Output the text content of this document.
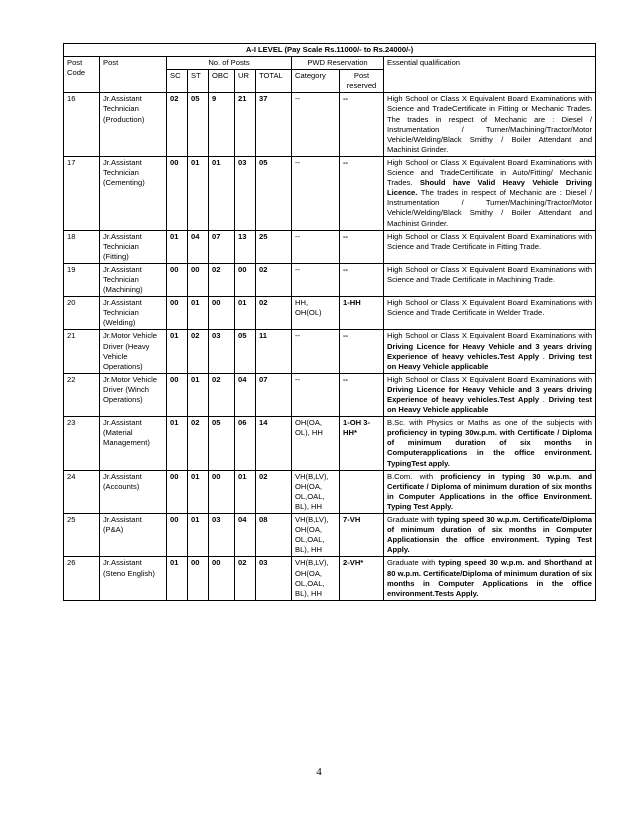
A-I LEVEL (Pay Scale Rs.11000/- to Rs.24000/-)									
Post Code	Post	No. of Posts					PWD Reservation		Essential qualification
		SC	ST	OBC	UR	TOTAL	Category	Post reserved	
16	Jr.Assistant Technician (Production)	02	05	9	21	37	--	--	High School or Class X Equivalent Board Examinations with Science and TradeCertificate in Fitting or Mechanic Trades. The trades in respect of Mechanic are : Diesel / Instrumentation / Turner/Machining/Tractor/Motor Vehicle/Welding/Black Smithy / Boiler Attendant and Machinist Grinder.
17	Jr.Assistant Technician (Cementing)	00	01	01	03	05	--	--	High School or Class X Equivalent Board Examinations with Science and TradeCertificate in Auto/Fitting/ Mechanic Trades. Should have Valid Heavy Vehicle Driving Licence. The trades in respect of Mechanic are : Diesel / Instrumentation / Turner/Machining/Tractor/Motor Vehicle/Welding/Black Smithy / Boiler Attendant and Machinist Grinder.
18	Jr.Assistant Technician (Fitting)	01	04	07	13	25	--	--	High School or Class X Equivalent Board Examinations with Science and Trade Certificate in Fitting Trade.
19	Jr.Assistant Technician (Machining)	00	00	02	00	02	--	--	High School or Class X Equivalent Board Examinations with Science and Trade Certificate in Machining Trade.
20	Jr.Assistant Technician (Welding)	00	01	00	01	02	HH, OH(OL)	1-HH	High School or Class X Equivalent Board Examinations with Science and Trade Certificate in Welder Trade.
21	Jr.Motor Vehicle Driver (Heavy Vehicle Operations)	01	02	03	05	11	--	--	High School or Class X Equivalent Board Examinations with Driving Licence for Heavy Vehicle and 3 years driving Experience of heavy vehicles.Test Apply . Driving test on Heavy Vehicle applicable
22	Jr.Motor Vehicle Driver (Winch Operations)	00	01	02	04	07	--	--	High School or Class X Equivalent Board Examinations with Driving Licence for Heavy Vehicle and 3 years driving Experience of heavy vehicles.Test Apply . Driving test on Heavy Vehicle applicable
23	Jr.Assistant (Material Management)	01	02	05	06	14	OH(OA, OL), HH	1-OH 3-HH*	B.Sc. with Physics or Maths as one of the subjects with proficiency in typing 30w.p.m. with Certificate / Diploma of minimum duration of six months in Computerapplications in the office environment. TypingTest apply.
24	Jr.Assistant (Accounts)	00	01	00	01	02	VH(B,LV), OH(OA, OL,OAL, BL), HH		B.Com. with proficiency in typing 30 w.p.m. and Certificate / Diploma of minimum duration of six months in Computer Applications in the office Environment. Typing Test Apply.
25	Jr.Assistant (P&A)	00	01	03	04	08	VH(B,LV), OH(OA, OL,OAL, BL), HH	7-VH	Graduate with typing speed 30 w.p.m. Certificate/Diploma of minimum duration of six months in Computer Applicationsin the office environment. Typing Test Apply.
26	Jr.Assistant (Steno English)	01	00	00	02	03	VH(B,LV), OH(OA, OL,OAL, BL), HH	2-VH*	Graduate with typing speed 30 w.p.m. and Shorthand at 80 w.p.m. Certificate/Diploma of minimum duration of six months in Computer Applications in the office environment.Tests Apply.
4
